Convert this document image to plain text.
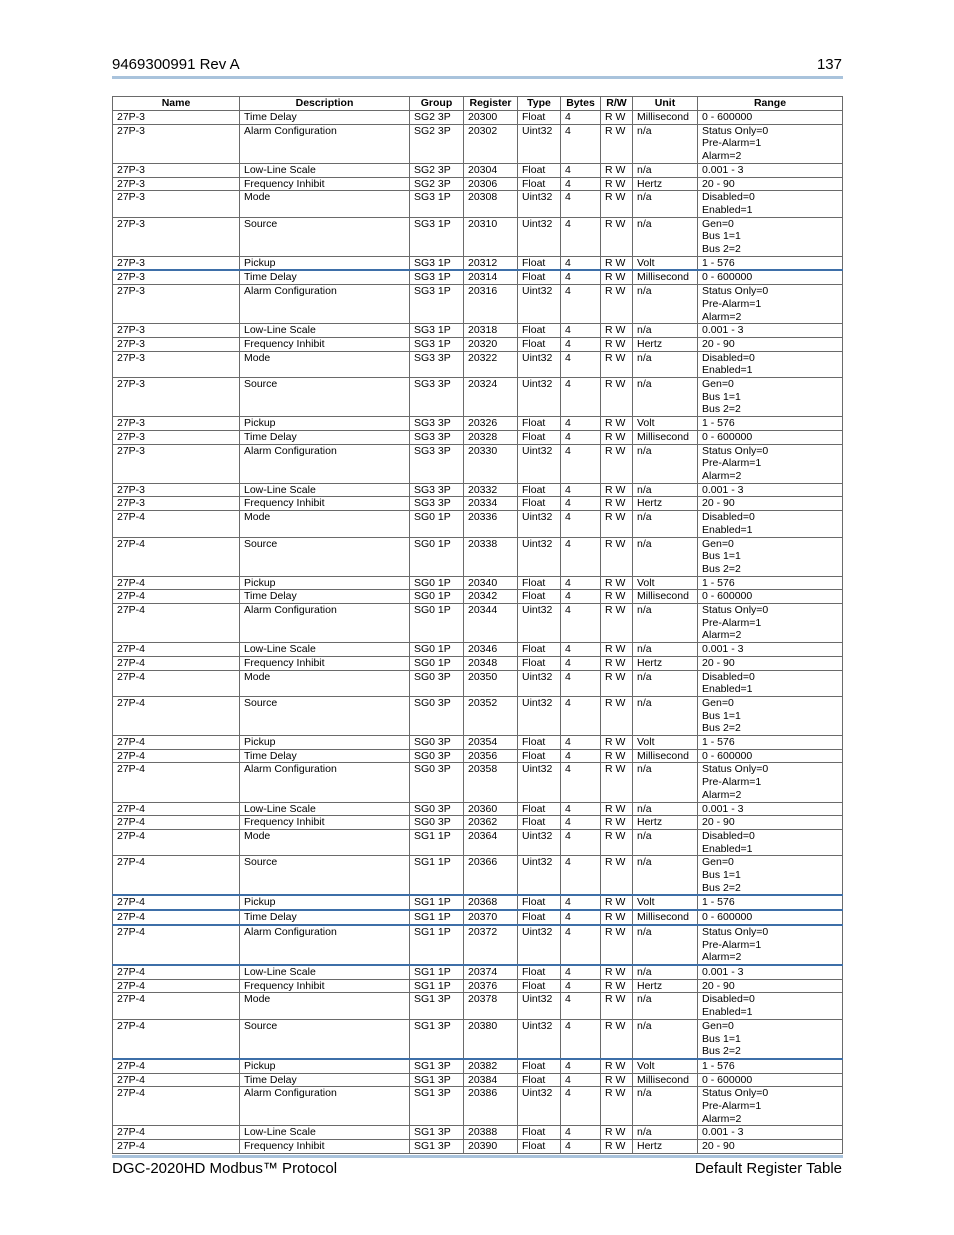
9469300991 Rev A	137
Name	Description	Group	Register	Type	Bytes	R/W	Unit	Range
27P-3	Time Delay	SG2 3P	20300	Float	4	R W	Millisecond	0 - 600000

27P-3	Alarm Configuration	SG2 3P	20302	Uint32	4	R W	n/a	Status Only=0
Pre-Alarm=1
Alarm=2

27P-3	Low-Line Scale	SG2 3P	20304	Float	4	R W	n/a	0.001 - 3

27P-3	Frequency Inhibit	SG2 3P	20306	Float	4	R W	Hertz	20 - 90

27P-3	Mode	SG3 1P	20308	Uint32	4	R W	n/a	Disabled=0
Enabled=1

27P-3	Source	SG3 1P	20310	Uint32	4	R W	n/a	Gen=0
Bus 1=1
Bus 2=2

27P-3	Pickup	SG3 1P	20312	Float	4	R W	Volt	1 - 576

27P-3	Time Delay	SG3 1P	20314	Float	4	R W	Millisecond	0 - 600000

27P-3	Alarm Configuration	SG3 1P	20316	Uint32	4	R W	n/a	Status Only=0
Pre-Alarm=1
Alarm=2

27P-3	Low-Line Scale	SG3 1P	20318	Float	4	R W	n/a	0.001 - 3

27P-3	Frequency Inhibit	SG3 1P	20320	Float	4	R W	Hertz	20 - 90

27P-3	Mode	SG3 3P	20322	Uint32	4	R W	n/a	Disabled=0
Enabled=1

27P-3	Source	SG3 3P	20324	Uint32	4	R W	n/a	Gen=0
Bus 1=1
Bus 2=2

27P-3	Pickup	SG3 3P	20326	Float	4	R W	Volt	1 - 576

27P-3	Time Delay	SG3 3P	20328	Float	4	R W	Millisecond	0 - 600000

27P-3	Alarm Configuration	SG3 3P	20330	Uint32	4	R W	n/a	Status Only=0
Pre-Alarm=1
Alarm=2

27P-3	Low-Line Scale	SG3 3P	20332	Float	4	R W	n/a	0.001 - 3

27P-3	Frequency Inhibit	SG3 3P	20334	Float	4	R W	Hertz	20 - 90

27P-4	Mode	SG0 1P	20336	Uint32	4	R W	n/a	Disabled=0
Enabled=1

27P-4	Source	SG0 1P	20338	Uint32	4	R W	n/a	Gen=0
Bus 1=1
Bus 2=2

27P-4	Pickup	SG0 1P	20340	Float	4	R W	Volt	1 - 576

27P-4	Time Delay	SG0 1P	20342	Float	4	R W	Millisecond	0 - 600000

27P-4	Alarm Configuration	SG0 1P	20344	Uint32	4	R W	n/a	Status Only=0
Pre-Alarm=1
Alarm=2

27P-4	Low-Line Scale	SG0 1P	20346	Float	4	R W	n/a	0.001 - 3

27P-4	Frequency Inhibit	SG0 1P	20348	Float	4	R W	Hertz	20 - 90

27P-4	Mode	SG0 3P	20350	Uint32	4	R W	n/a	Disabled=0
Enabled=1

27P-4	Source	SG0 3P	20352	Uint32	4	R W	n/a	Gen=0
Bus 1=1
Bus 2=2

27P-4	Pickup	SG0 3P	20354	Float	4	R W	Volt	1 - 576

27P-4	Time Delay	SG0 3P	20356	Float	4	R W	Millisecond	0 - 600000

27P-4	Alarm Configuration	SG0 3P	20358	Uint32	4	R W	n/a	Status Only=0
Pre-Alarm=1
Alarm=2

27P-4	Low-Line Scale	SG0 3P	20360	Float	4	R W	n/a	0.001 - 3

27P-4	Frequency Inhibit	SG0 3P	20362	Float	4	R W	Hertz	20 - 90

27P-4	Mode	SG1 1P	20364	Uint32	4	R W	n/a	Disabled=0
Enabled=1

27P-4	Source	SG1 1P	20366	Uint32	4	R W	n/a	Gen=0
Bus 1=1
Bus 2=2

27P-4	Pickup	SG1 1P	20368	Float	4	R W	Volt	1 - 576

27P-4	Time Delay	SG1 1P	20370	Float	4	R W	Millisecond	0 - 600000

27P-4	Alarm Configuration	SG1 1P	20372	Uint32	4	R W	n/a	Status Only=0
Pre-Alarm=1
Alarm=2

27P-4	Low-Line Scale	SG1 1P	20374	Float	4	R W	n/a	0.001 - 3

27P-4	Frequency Inhibit	SG1 1P	20376	Float	4	R W	Hertz	20 - 90

27P-4	Mode	SG1 3P	20378	Uint32	4	R W	n/a	Disabled=0
Enabled=1

27P-4	Source	SG1 3P	20380	Uint32	4	R W	n/a	Gen=0
Bus 1=1
Bus 2=2

27P-4	Pickup	SG1 3P	20382	Float	4	R W	Volt	1 - 576

27P-4	Time Delay	SG1 3P	20384	Float	4	R W	Millisecond	0 - 600000

27P-4	Alarm Configuration	SG1 3P	20386	Uint32	4	R W	n/a	Status Only=0
Pre-Alarm=1
Alarm=2

27P-4	Low-Line Scale	SG1 3P	20388	Float	4	R W	n/a	0.001 - 3

27P-4	Frequency Inhibit	SG1 3P	20390	Float	4	R W	Hertz	20 - 90
DGC-2020HD Modbus™ Protocol	Default Register Table
